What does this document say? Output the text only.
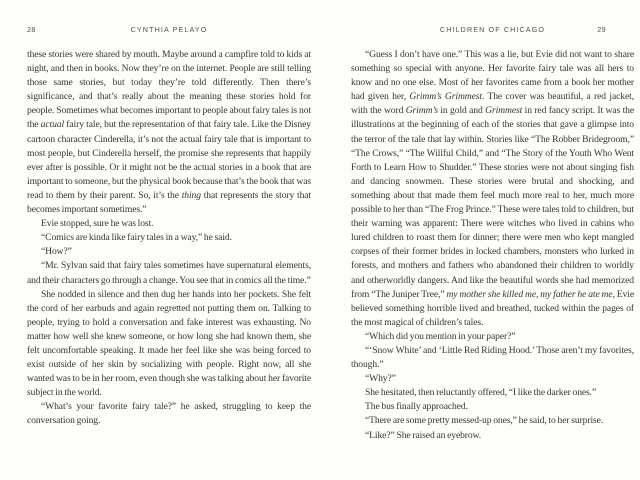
28	CYNTHIA PELAYO

these stories were shared by mouth. Maybe around a campfire told to kids at night, and then in books. Now they’re on the internet. People are still telling those same stories, but today they’re told differently. Then there’s significance, and that’s really about the meaning these stories hold for people. Sometimes what becomes important to people about fairy tales is not the actual fairy tale, but the representation of that fairy tale. Like the Disney cartoon character Cinderella, it’s not the actual fairy tale that is important to most people, but Cinderella herself, the promise she represents that happily ever after is possible. Or it might not be the actual stories in a book that are important to someone, but the physical book because that’s the book that was read to them by their parent. So, it’s the thing that represents the story that becomes important sometimes.”

Evie stopped, sure he was lost.

“Comics are kinda like fairy tales in a way,” he said.

“How?”

“Mr. Sylvan said that fairy tales sometimes have supernatural elements, and their characters go through a change. You see that in comics all the time.”

She nodded in silence and then dug her hands into her pockets. She felt the cord of her earbuds and again regretted not putting them on. Talking to people, trying to hold a conversation and fake interest was exhausting. No matter how well she knew someone, or how long she had known them, she felt uncomfortable speaking. It made her feel like she was being forced to exist outside of her skin by socializing with people. Right now, all she wanted was to be in her room, even though she was talking about her favorite subject in the world.

“What’s your favorite fairy tale?” he asked, struggling to keep the conversation going.

CHILDREN OF CHICAGO	29

“Guess I don’t have one.” This was a lie, but Evie did not want to share something so special with anyone. Her favorite fairy tale was all hers to know and no one else. Most of her favorites came from a book her mother had given her, Grimm’s Grimmest. The cover was beautiful, a red jacket, with the word Grimm’s in gold and Grimmest in red fancy script. It was the illustrations at the beginning of each of the stories that gave a glimpse into the terror of the tale that lay within. Stories like “The Robber Bridegroom,” “The Crows,” “The Willful Child,” and “The Story of the Youth Who Went Forth to Learn How to Shudder.” These stories were not about singing fish and dancing snowmen. These stories were brutal and shocking, and something about that made them feel much more real to her, much more possible to her than “The Frog Prince.” These were tales told to children, but their warning was apparent: There were witches who lived in cabins who lured children to roast them for dinner; there were men who kept mangled corpses of their former brides in locked chambers, monsters who lurked in forests, and mothers and fathers who abandoned their children to worldly and otherworldly dangers. And like the beautiful words she had memorized from “The Juniper Tree,” my mother she killed me, my father he ate me, Evie believed something horrible lived and breathed, tucked within the pages of the most magical of children’s tales.

“Which did you mention in your paper?”

“‘Snow White’ and ‘Little Red Riding Hood.’ Those aren’t my favorites, though.”

“Why?”

She hesitated, then reluctantly offered, “I like the darker ones.”

The bus finally approached.

“There are some pretty messed-up ones,” he said, to her surprise.

“Like?” She raised an eyebrow.
